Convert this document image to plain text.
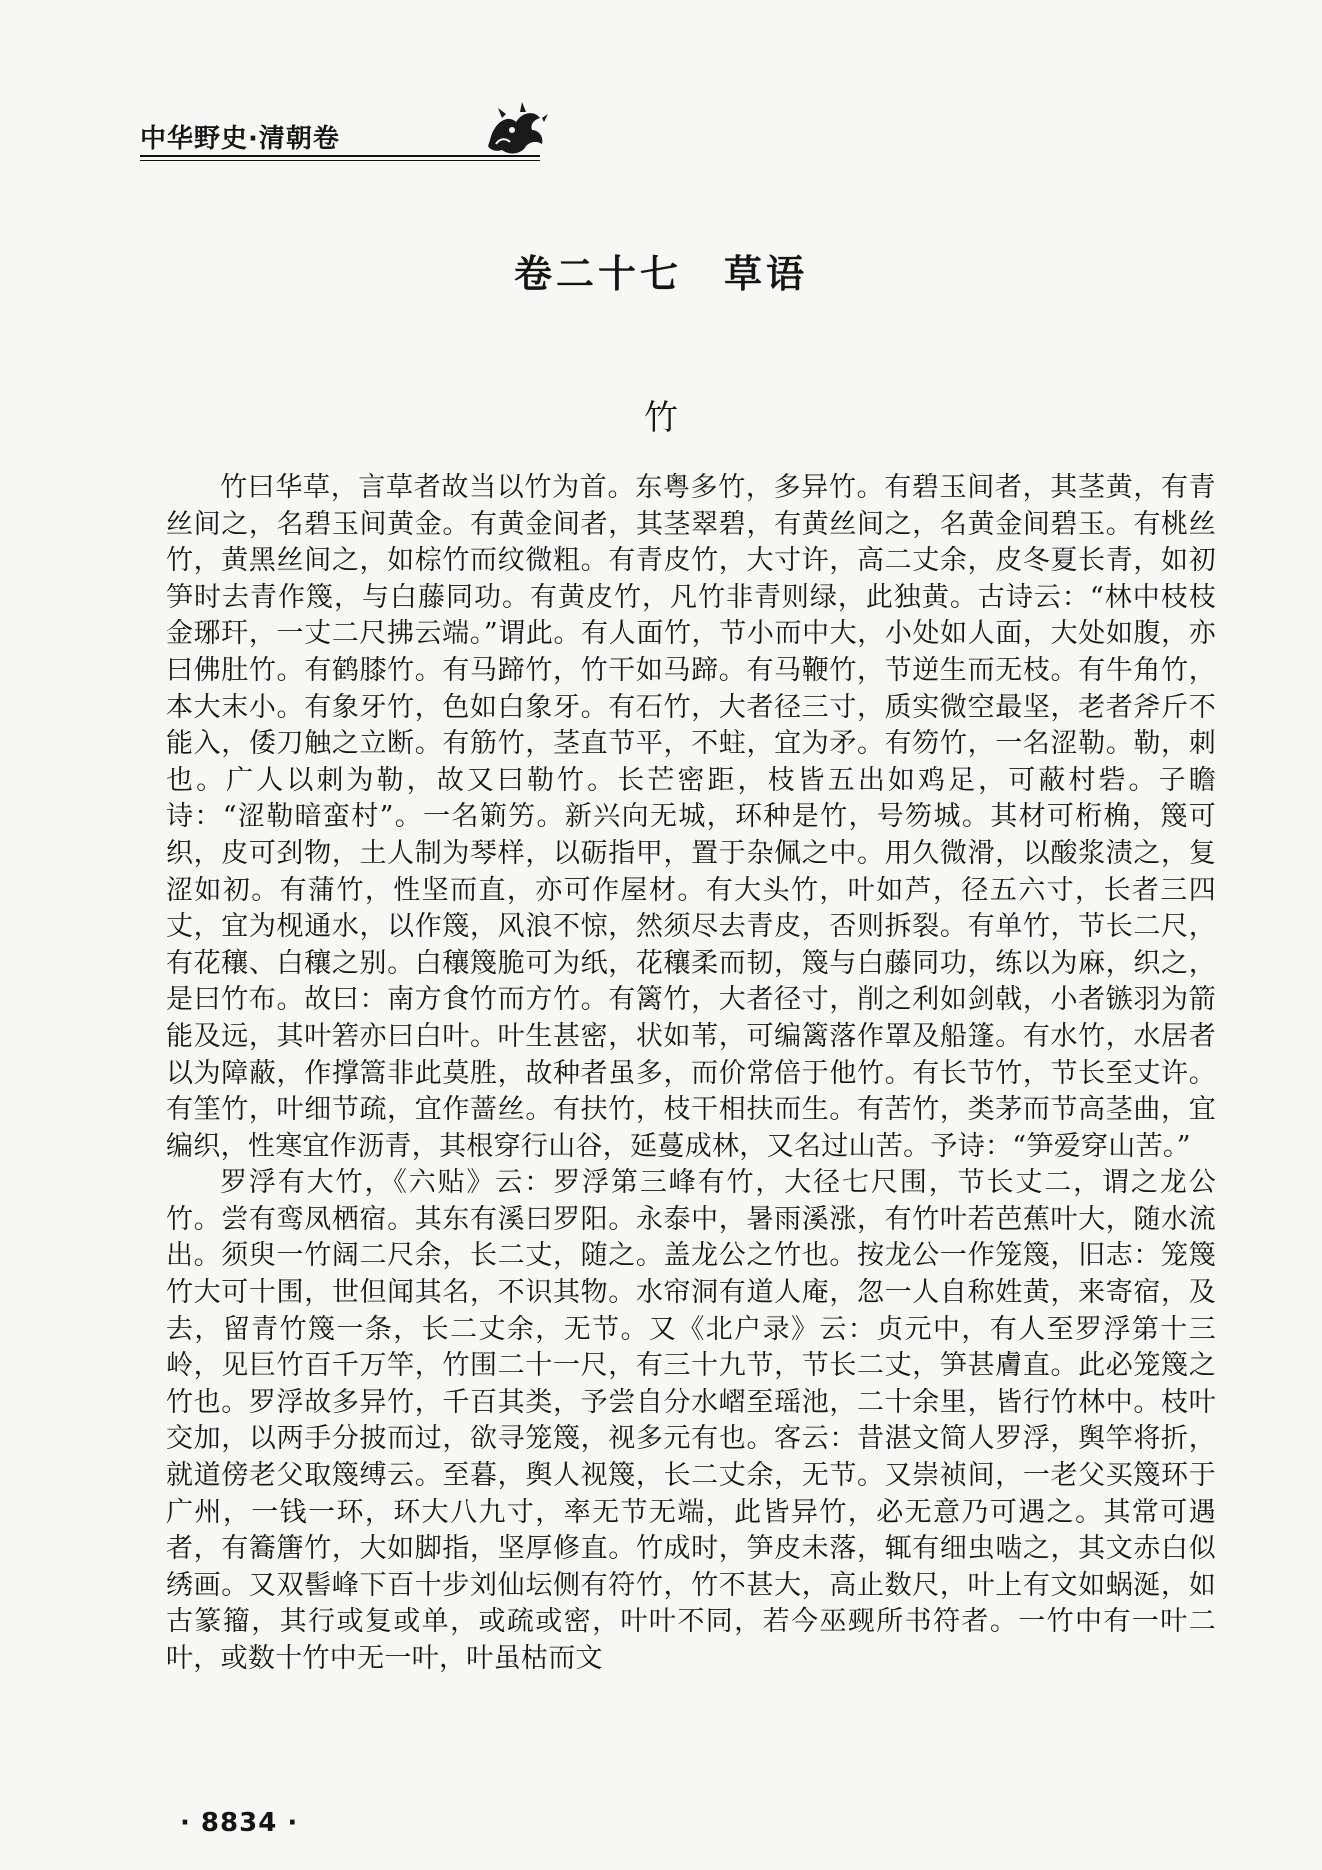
中华野史·清朝卷
卷二十七　草语
竹

竹曰华草，言草者故当以竹为首。东粤多竹，多异竹。有碧玉间者，其茎黄，有青丝间之，名碧玉间黄金。有黄金间者，其茎翠碧，有黄丝间之，名黄金间碧玉。有桃丝竹，黄黑丝间之，如棕竹而纹微粗。有青皮竹，大寸许，高二丈余，皮冬夏长青，如初笋时去青作篾，与白藤同功。有黄皮竹，凡竹非青则绿，此独黄。古诗云：“林中枝枝金琊玕，一丈二尺拂云端。”谓此。有人面竹，节小而中大，小处如人面，大处如腹，亦曰佛肚竹。有鹤膝竹。有马蹄竹，竹干如马蹄。有马鞭竹，节逆生而无枝。有牛角竹，本大末小。有象牙竹，色如白象牙。有石竹，大者径三寸，质实微空最坚，老者斧斤不能入，倭刀触之立断。有筋竹，茎直节平，不蛀，宜为矛。有笏竹，一名涩勒。勒，刺也。广人以刺为勒，故又曰勒竹。长芒密距，枝皆五出如鸡足，可蔽村砦。子瞻诗：“涩勒暗蛮村”。一名箣竻。新兴向无城，环种是竹，号笏城。其材可桁桷，篾可织，皮可刭物，土人制为琴样，以砺指甲，置于杂佩之中。用久微滑，以酸浆渍之，复涩如初。有蒲竹，性坚而直，亦可作屋材。有大头竹，叶如芦，径五六寸，长者三四丈，宜为枧通水，以作篾，风浪不惊，然须尽去青皮，否则拆裂。有单竹，节长二尺，有花穰、白穰之别。白穰篾脆可为纸，花穰柔而韧，篾与白藤同功，练以为麻，织之，是曰竹布。故曰：南方食竹而方竹。有篱竹，大者径寸，削之利如剑戟，小者镞羽为箭能及远，其叶箬亦曰白叶。叶生甚密，状如苇，可编篱落作罩及船篷。有水竹，水居者以为障蔽，作撑篙非此莫胜，故种者虽多，而价常倍于他竹。有长节竹，节长至丈许。有筀竹，叶细节疏，宜作蔷丝。有扶竹，枝干相扶而生。有苦竹，类茅而节高茎曲，宜编织，性寒宜作沥青，其根穿行山谷，延蔓成林，又名过山苦。予诗：“笋爱穿山苦。”

罗浮有大竹，《六贴》云：罗浮第三峰有竹，大径七尺围，节长丈二，谓之龙公竹。尝有鸾凤栖宿。其东有溪曰罗阳。永泰中，暑雨溪涨，有竹叶若芭蕉叶大，随水流出。须臾一竹阔二尺余，长二丈，随之。盖龙公之竹也。按龙公一作笼篾，旧志：笼篾竹大可十围，世但闻其名，不识其物。水帘洞有道人庵，忽一人自称姓黄，来寄宿，及去，留青竹篾一条，长二丈余，无节。又《北户录》云：贞元中，有人至罗浮第十三岭，见巨竹百千万竿，竹围二十一尺，有三十九节，节长二丈，笋甚膚直。此必笼篾之竹也。罗浮故多异竹，千百其类，予尝自分水嶍至瑶池，二十余里，皆行竹林中。枝叶交加，以两手分披而过，欲寻笼篾，视多元有也。客云：昔湛文简人罗浮，舆竿将折，就道傍老父取篾缚云。至暮，舆人视篾，长二丈余，无节。又崇祯间，一老父买篾环于广州，一钱一环，环大八九寸，率无节无端，此皆异竹，必无意乃可遇之。其常可遇者，有簥篖竹，大如脚指，坚厚修直。竹成时，笋皮未落，辄有细虫啮之，其文赤白似绣画。又双髻峰下百十步刘仙坛侧有符竹，竹不甚大，高止数尺，叶上有文如蜗涎，如古篆籀，其行或复或单，或疏或密，叶叶不同，若今巫觋所书符者。一竹中有一叶二叶，或数十竹中无一叶，叶虽枯而文

· 8834 ·
